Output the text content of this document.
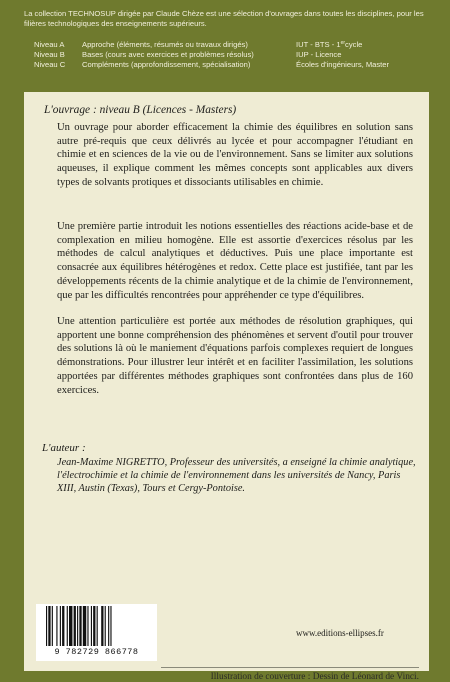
La collection TECHNOSUP dirigée par Claude Chèze est une sélection d'ouvrages dans toutes les disciplines, pour les filières technologiques des enseignements supérieurs.
Niveau A Approche (éléments, résumés ou travaux dirigés)	IUT - BTS - 1ercycle
Niveau B Bases (cours avec exercices et problèmes résolus)	IUP - Licence
Niveau C Compléments (approfondissement, spécialisation)	Écoles d'ingénieurs, Master
L'ouvrage : niveau B (Licences - Masters)
Un ouvrage pour aborder efficacement la chimie des équilibres en solution sans autre pré-requis que ceux délivrés au lycée et pour accompagner l'étudiant en chimie et en sciences de la vie ou de l'environnement. Sans se limiter aux solutions aqueuses, il explique comment les mêmes concepts sont applicables aux divers types de solvants protiques et dissociants utilisables en chimie.
Une première partie introduit les notions essentielles des réactions acide-base et de complexation en milieu homogène. Elle est assortie d'exercices résolus par les méthodes de calcul analytiques et déductives. Puis une place importante est consacrée aux équilibres hétérogènes et redox. Cette place est justifiée, tant par les développements récents de la chimie analytique et de la chimie de l'environnement, que par les difficultés rencontrées pour appréhender ce type d'équilibres.
Une attention particulière est portée aux méthodes de résolution graphiques, qui apportent une bonne compréhension des phénomènes et servent d'outil pour trouver des solutions là où le maniement d'équations parfois complexes requiert de longues démonstrations. Pour illustrer leur intérêt et en faciliter l'assimilation, les solutions apportées par différentes méthodes graphiques sont confrontées dans plus de 160 exercices.
L'auteur :
Jean-Maxime NIGRETTO, Professeur des universités, a enseigné la chimie analytique, l'électrochimie et la chimie de l'environnement dans les universités de Nancy, Paris XIII, Austin (Texas), Tours et Cergy-Pontoise.
Illustration de couverture : Dessin de Léonard de Vinci.
9 782729 866778
www.editions-ellipses.fr
